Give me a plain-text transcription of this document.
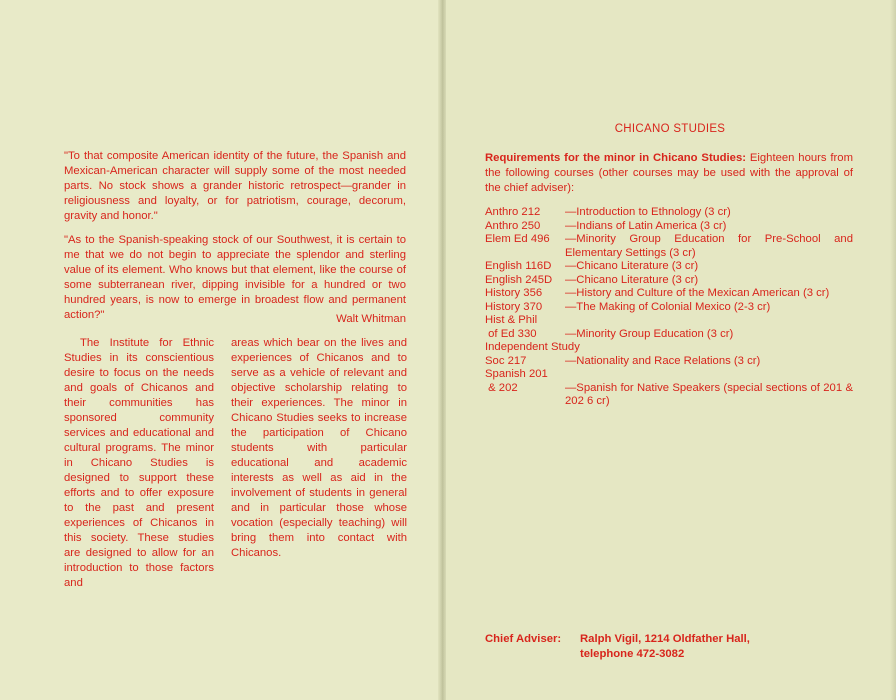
"To that composite American identity of the future, the Spanish and Mexican-American character will supply some of the most needed parts. No stock shows a grander historic retrospect—grander in religiousness and loyalty, or for patriotism, courage, decorum, gravity and honor."

"As to the Spanish-speaking stock of our Southwest, it is certain to me that we do not begin to appreciate the splendor and sterling value of its element. Who knows but that element, like the course of some subterranean river, dipping invisible for a hundred or two hundred years, is now to emerge in broadest flow and permanent action?"	Walt Whitman

The Institute for Ethnic Studies in its conscientious desire to focus on the needs and goals of Chicanos and their communities has sponsored community services and educational and cultural programs. The minor in Chicano Studies is designed to support these efforts and to offer exposure to the past and present experiences of Chicanos in this society. These studies are designed to allow for an introduction to those factors and

areas which bear on the lives and experiences of Chicanos and to serve as a vehicle of relevant and objective scholarship relating to their experiences. The minor in Chicano Studies seeks to increase the participation of Chicano students with particular educational and academic interests as well as aid in the involvement of students in general and in particular those whose vocation (especially teaching) will bring them into contact with Chicanos.

CHICANO STUDIES

Requirements for the minor in Chicano Studies: Eighteen hours from the following courses (other courses may be used with the approval of the chief adviser):

Anthro 212	—Introduction to Ethnology (3 cr)
Anthro 250	—Indians of Latin America (3 cr)
Elem Ed 496	—Minority Group Education for Pre-School and Elementary Settings (3 cr)
English 116D	—Chicano Literature (3 cr)
English 245D	—Chicano Literature (3 cr)
History 356	—History and Culture of the Mexican American (3 cr)
History 370	—The Making of Colonial Mexico (2-3 cr)
Hist & Phil
of Ed 330	—Minority Group Education (3 cr)
Independent Study
Soc 217	—Nationality and Race Relations (3 cr)
Spanish 201
& 202	—Spanish for Native Speakers (special sections of 201 & 202 6 cr)
Chief Adviser:	Ralph Vigil, 1214 Oldfather Hall,
telephone 472-3082
